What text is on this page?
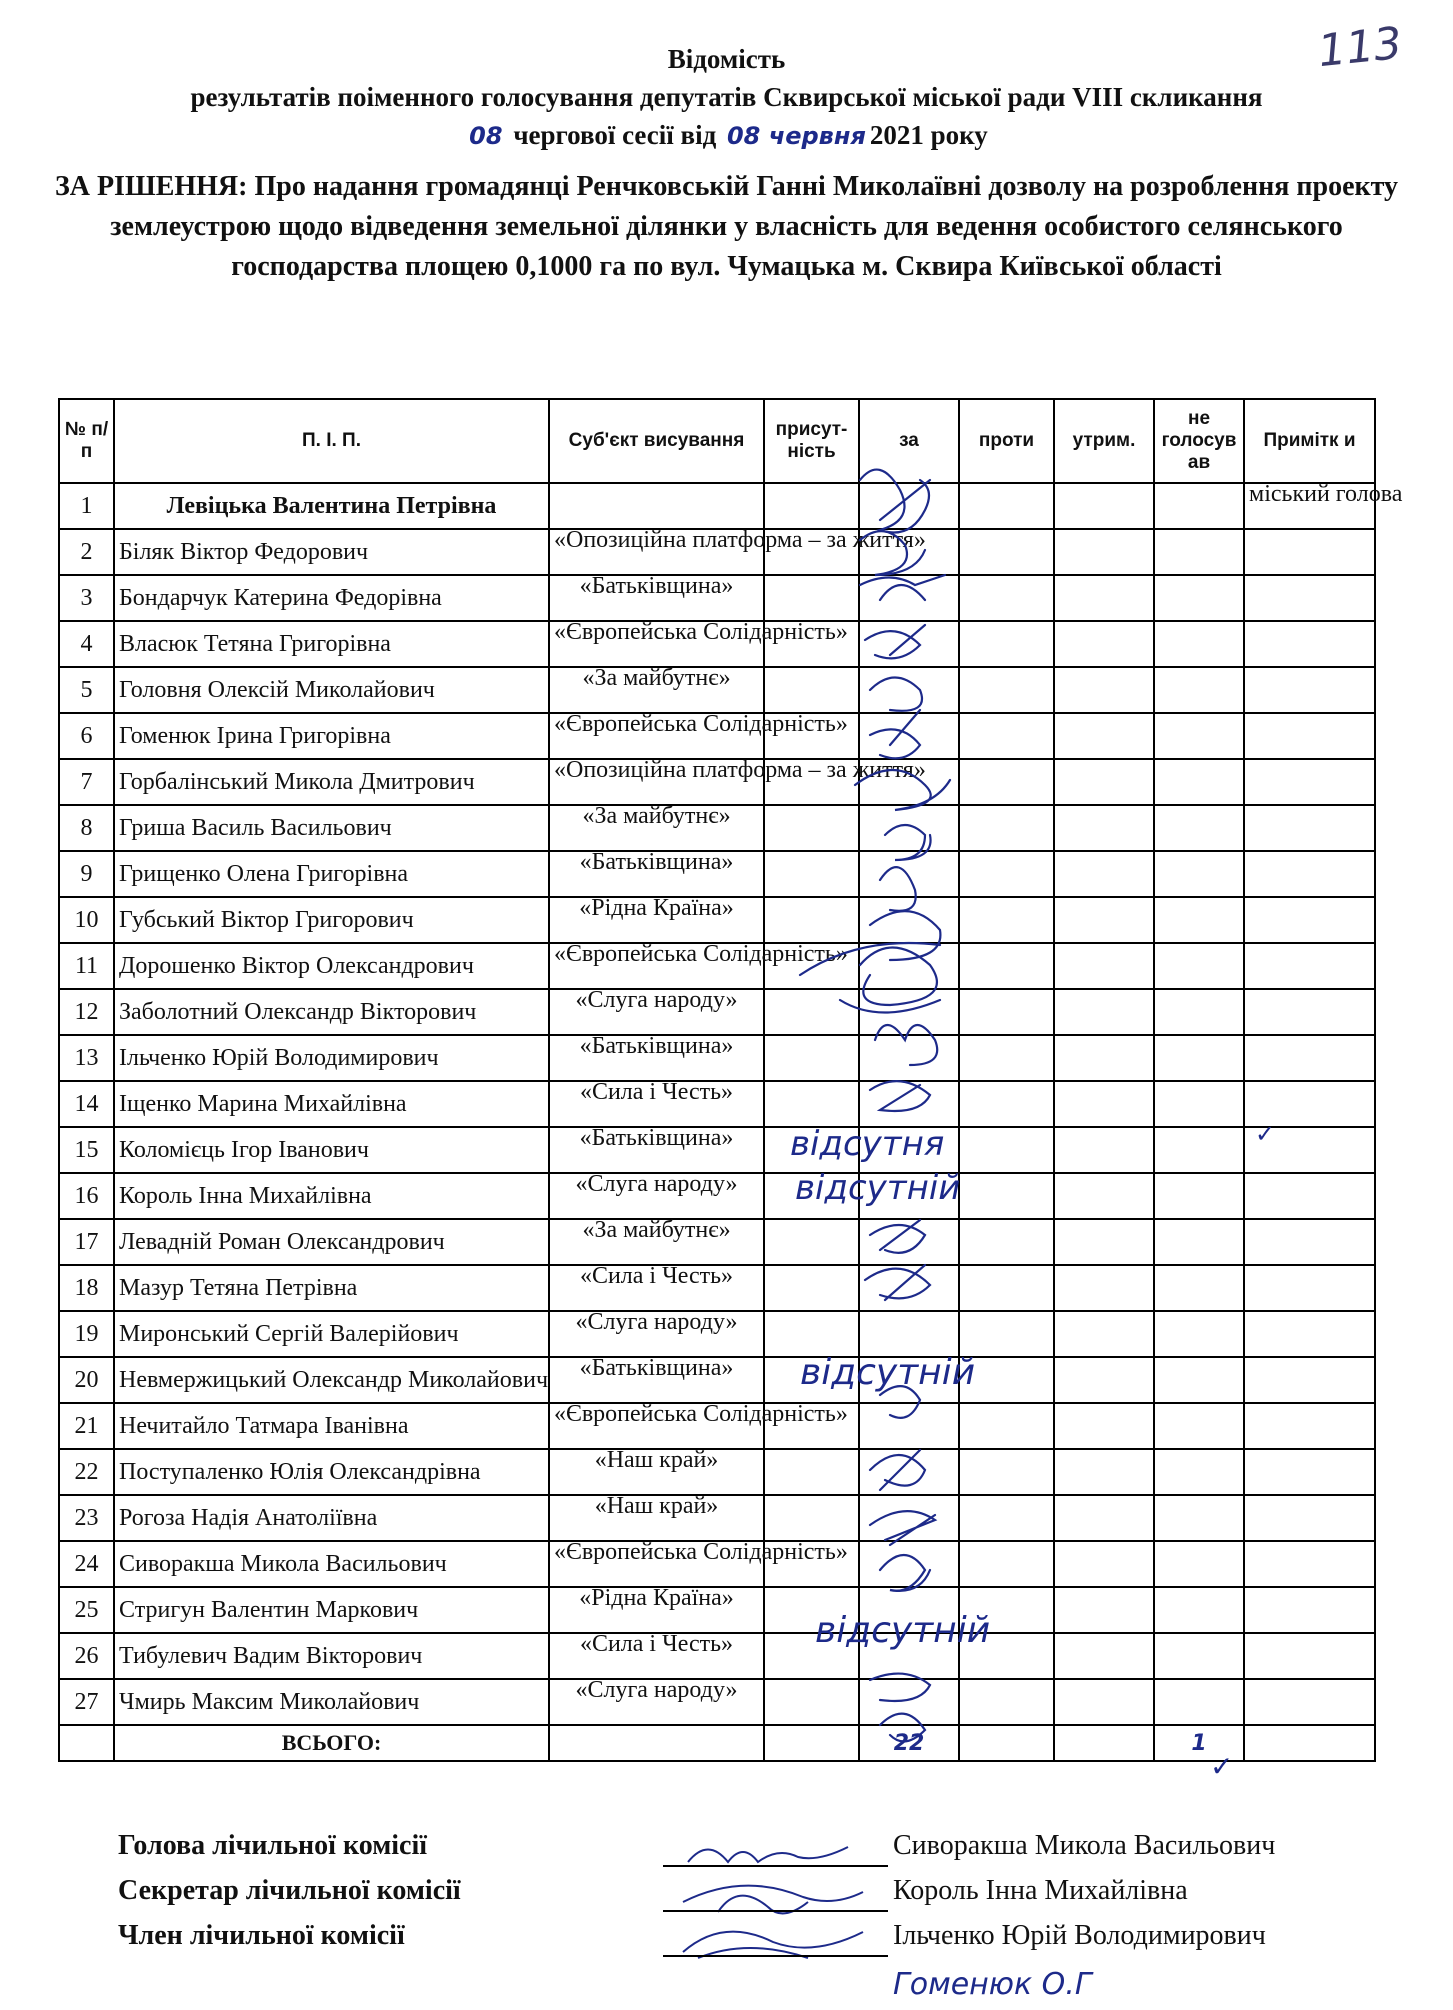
113
Відомість
результатів поіменного голосування депутатів Сквирської міської ради VIII скликання
08 чергової сесії від 08 червня 2021 року
ЗА РІШЕННЯ: Про надання громадянці Ренчковській Ганні Миколаївні дозволу на розроблення проекту землеустрою щодо відведення земельної ділянки у власність для ведення особистого селянського господарства площею 0,1000 га по вул. Чумацька м. Сквира Київської області
№ п/п	П. І. П.	Суб'єкт висування	присут-ність	за	проти	утрим.	не голосув ав	Примітк и
1	Левіцька Валентина Петрівна							міський голова
2	Біляк Віктор Федорович	«Опозиційна платформа – за життя»						
3	Бондарчук Катерина Федорівна	«Батьківщина»						
4	Власюк Тетяна Григорівна	«Європейська Солідарність»						
5	Головня Олексій Миколайович	«За майбутнє»						
6	Гоменюк Ірина Григорівна	«Європейська Солідарність»						
7	Горбалінський Микола Дмитрович	«Опозиційна платформа – за життя»						
8	Гриша Василь Васильович	«За майбутнє»						
9	Грищенко Олена Григорівна	«Батьківщина»						
10	Губський Віктор Григорович	«Рідна Країна»						
11	Дорошенко Віктор Олександрович	«Європейська Солідарність»						
12	Заболотний Олександр Вікторович	«Слуга народу»						
13	Ільченко Юрій Володимирович	«Батьківщина»						
14	Іщенко Марина Михайлівна	«Сила і Честь»						
15	Коломієць Ігор Іванович	«Батьківщина»						
16	Король Інна Михайлівна	«Слуга народу»						
17	Левадній Роман Олександрович	«За майбутнє»						
18	Мазур Тетяна Петрівна	«Сила і Честь»						
19	Миронський Сергій Валерійович	«Слуга народу»						
20	Невмержицький Олександр Миколайович	«Батьківщина»						
21	Нечитайло Татмара Іванівна	«Європейська Солідарність»						
22	Поступаленко Юлія Олександрівна	«Наш край»						
23	Рогоза Надія Анатоліївна	«Наш край»						
24	Сиворакша Микола Васильович	«Європейська Солідарність»						
25	Стригун Валентин Маркович	«Рідна Країна»						
26	Тибулевич Вадим Вікторович	«Сила і Честь»						
27	Чмирь Максим Миколайович	«Слуга народу»						
	ВСЬОГО:			22			1	
відсутня
відсутній
відсутній
відсутній
✓
✓
Голова лічильної комісії	Сиворакша Микола Васильович
Секретар лічильної комісії	Король Інна Михайлівна
Член лічильної комісії	Ільченко Юрій Володимирович
Гоменюк О.Г
